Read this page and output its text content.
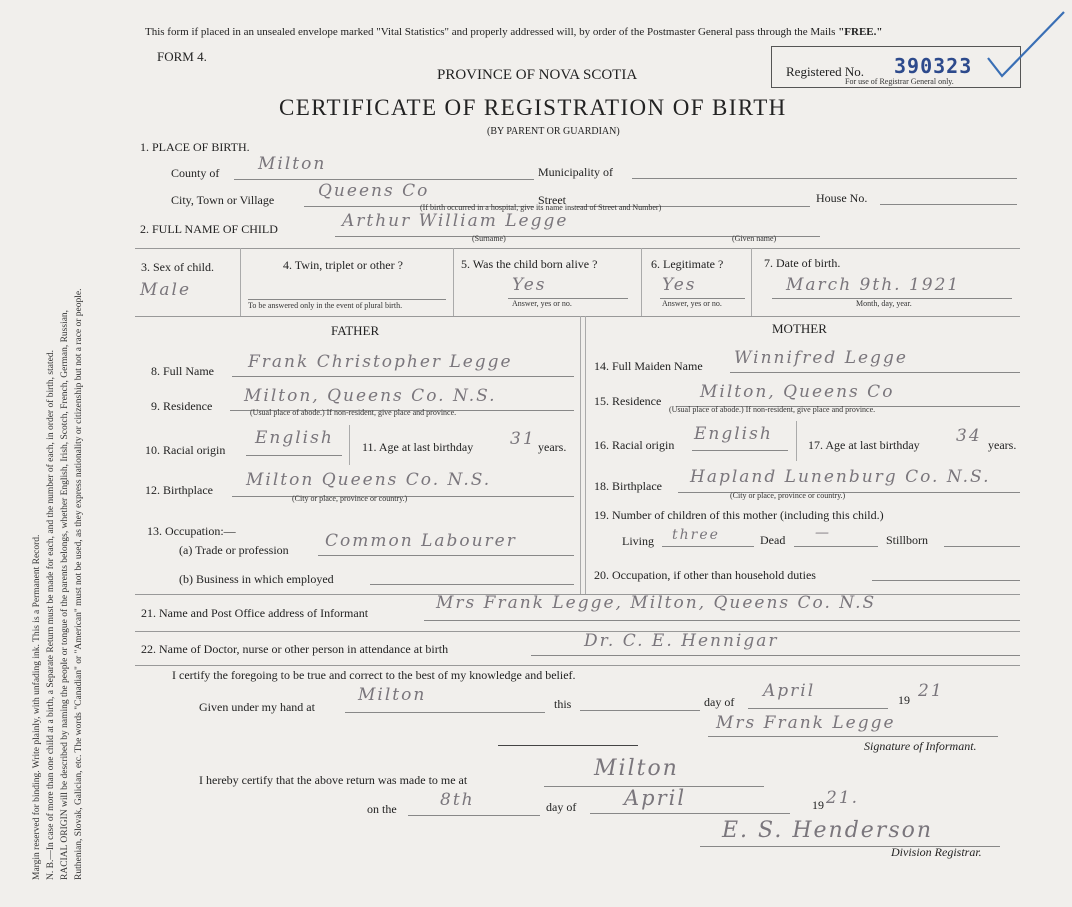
Margin reserved for binding. Write plainly, with unfading ink. This is a Permanent Record. N. B.—In case of more than one child at a birth, a Separate Return must be made for each, and the number of each, in order of birth, stated. RACIAL ORIGIN will be described by naming the people or tongue of the parents belongs, whether English, Irish, Scotch, French, German, Russian, Ruthenian, Slovak, Galician, etc. The words "Canadian" or "American" must not be used, as they express nationality or citizenship but not a race or people.
This form if placed in an unsealed envelope marked "Vital Statistics" and properly addressed will, by order of the Postmaster General pass through the Mails "FREE."
FORM 4.
PROVINCE OF NOVA SCOTIA
CERTIFICATE OF REGISTRATION OF BIRTH
(BY PARENT OR GUARDIAN)
Registered No. 390323
For use of Registrar General only.
1. PLACE OF BIRTH.
County of Milton	Municipality of
City, Town or Village	Queens Co	Street
(If birth occurred in a hospital, give its name instead of Street and Number)
House No.
2. FULL NAME OF CHILD	Arthur William Legge
(Surname)	(Given name)
3. Sex of child.
Male
4. Twin, triplet or other ?
To be answered only in the event of plural birth.
5. Was the child born alive ?
Yes
Answer, yes or no.
6. Legitimate ?
Yes
Answer, yes or no.
7. Date of birth.
March 9th. 1921
Month, day, year.
FATHER	MOTHER
8. Full Name Frank Christopher Legge
9. Residence Milton, Queens Co. N.S.
(Usual place of abode.) If non-resident, give place and province.
10. Racial origin
English 11. Age at last birthday 31 years.
12. Birthplace Milton Queens Co. N.S.
(City or place, province or country.)
13. Occupation:—
(a) Trade or profession Common Labourer
(b) Business in which employed
14. Full Maiden Name Winnifred Legge
15. Residence Milton, Queens Co
(Usual place of abode.) If non-resident, give place and province.
16. Racial origin
English
17. Age at last birthday 34 years.
18. Birthplace Hapland Lunenburg Co. N.S.
(City or place, province or country.)
19. Number of children of this mother (including this child.)
Living three	Dead —	Stillborn
20. Occupation, if other than household duties
21. Name and Post Office address of Informant	Mrs Frank Legge, Milton, Queens Co. N.S
22. Name of Doctor, nurse or other person in attendance at birth	Dr. C. E. Hennigar
I certify the foregoing to be true and correct to the best of my knowledge and belief.
Given under my hand at
Milton	this	day of
April	19 21
Mrs Frank Legge
Signature of Informant.
I hereby certify that the above return was made to me at	Milton
on the	8th	day of April	19 21.
E. S. Henderson
Division Registrar.
